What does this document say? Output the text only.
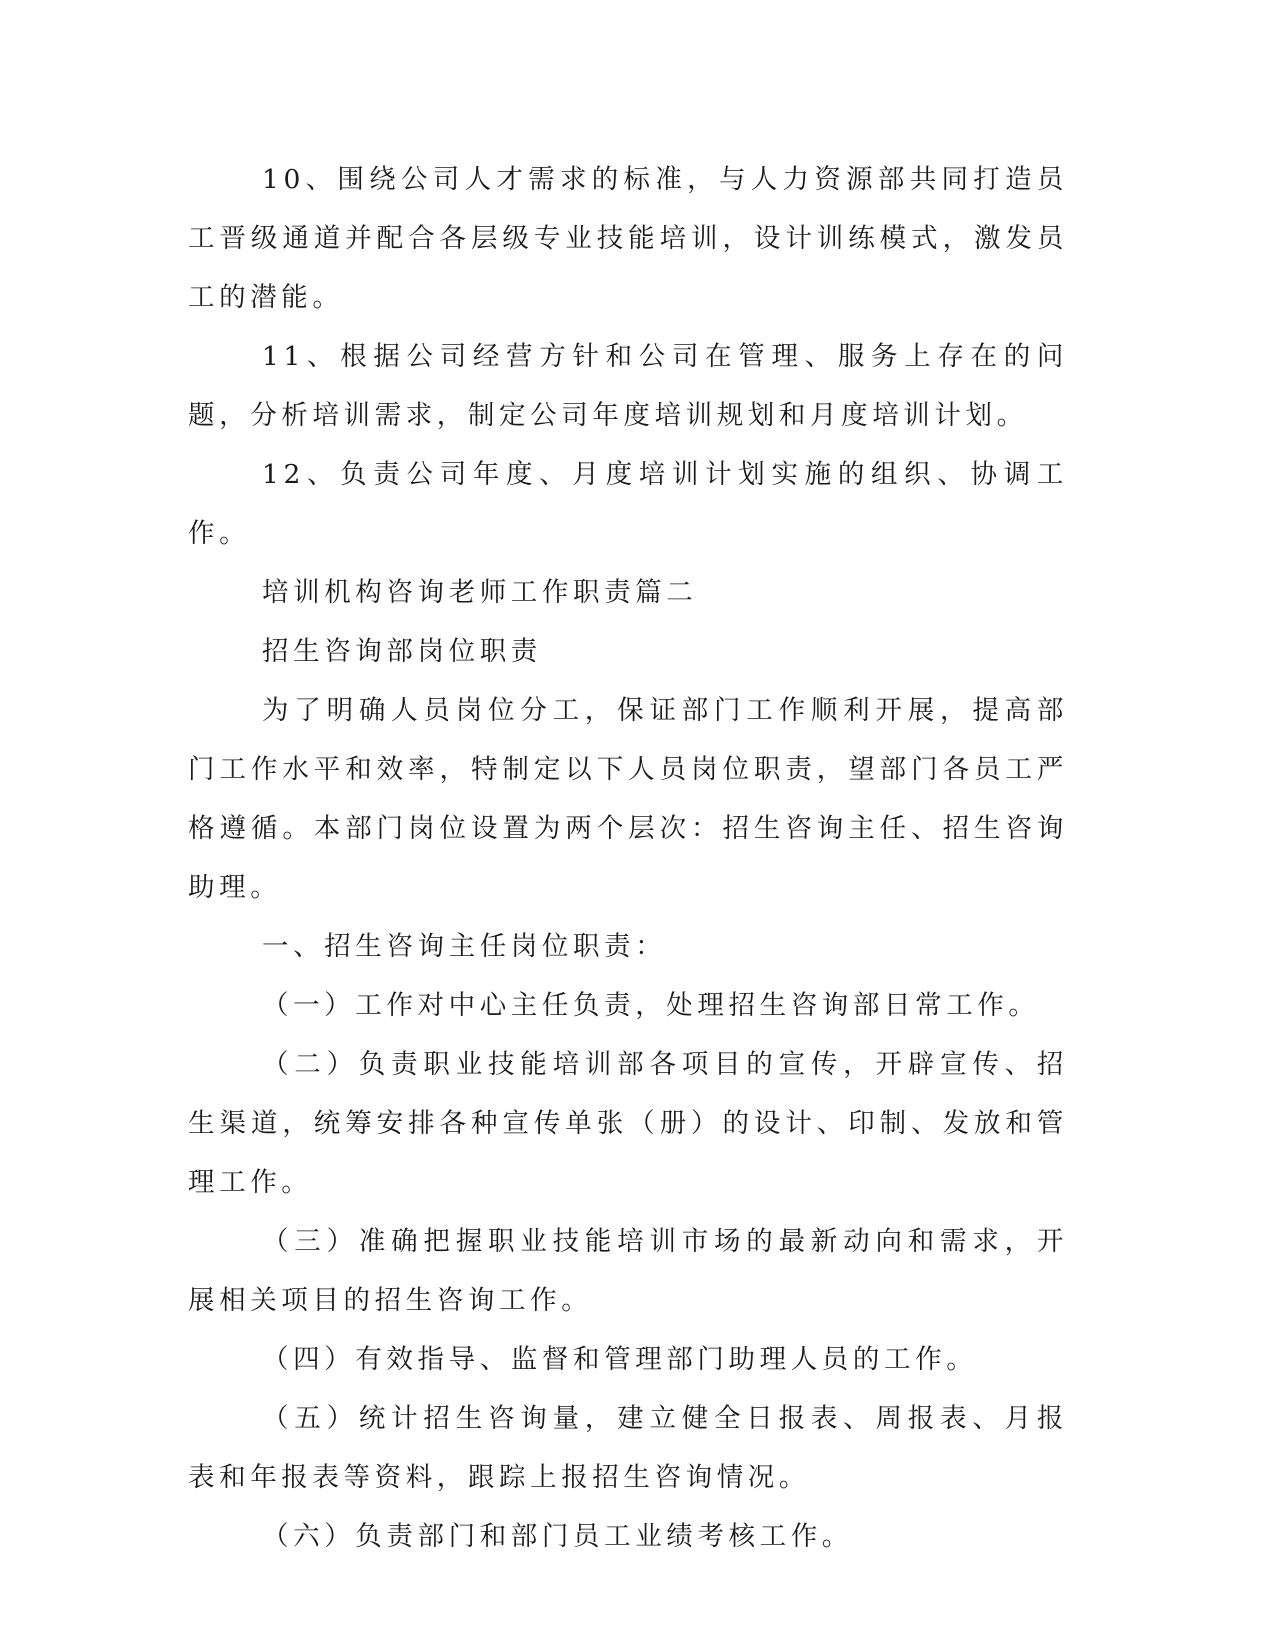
10、围绕公司人才需求的标准，与人力资源部共同打造员工晋级通道并配合各层级专业技能培训，设计训练模式，激发员工的潜能。

11、根据公司经营方针和公司在管理、服务上存在的问题，分析培训需求，制定公司年度培训规划和月度培训计划。

12、负责公司年度、月度培训计划实施的组织、协调工作。

培训机构咨询老师工作职责篇二

招生咨询部岗位职责

为了明确人员岗位分工，保证部门工作顺利开展，提高部门工作水平和效率，特制定以下人员岗位职责，望部门各员工严格遵循。本部门岗位设置为两个层次：招生咨询主任、招生咨询助理。

一、招生咨询主任岗位职责：

（一）工作对中心主任负责，处理招生咨询部日常工作。

（二）负责职业技能培训部各项目的宣传，开辟宣传、招生渠道，统筹安排各种宣传单张（册）的设计、印制、发放和管理工作。

（三）准确把握职业技能培训市场的最新动向和需求，开展相关项目的招生咨询工作。

（四）有效指导、监督和管理部门助理人员的工作。

（五）统计招生咨询量，建立健全日报表、周报表、月报表和年报表等资料，跟踪上报招生咨询情况。

（六）负责部门和部门员工业绩考核工作。
